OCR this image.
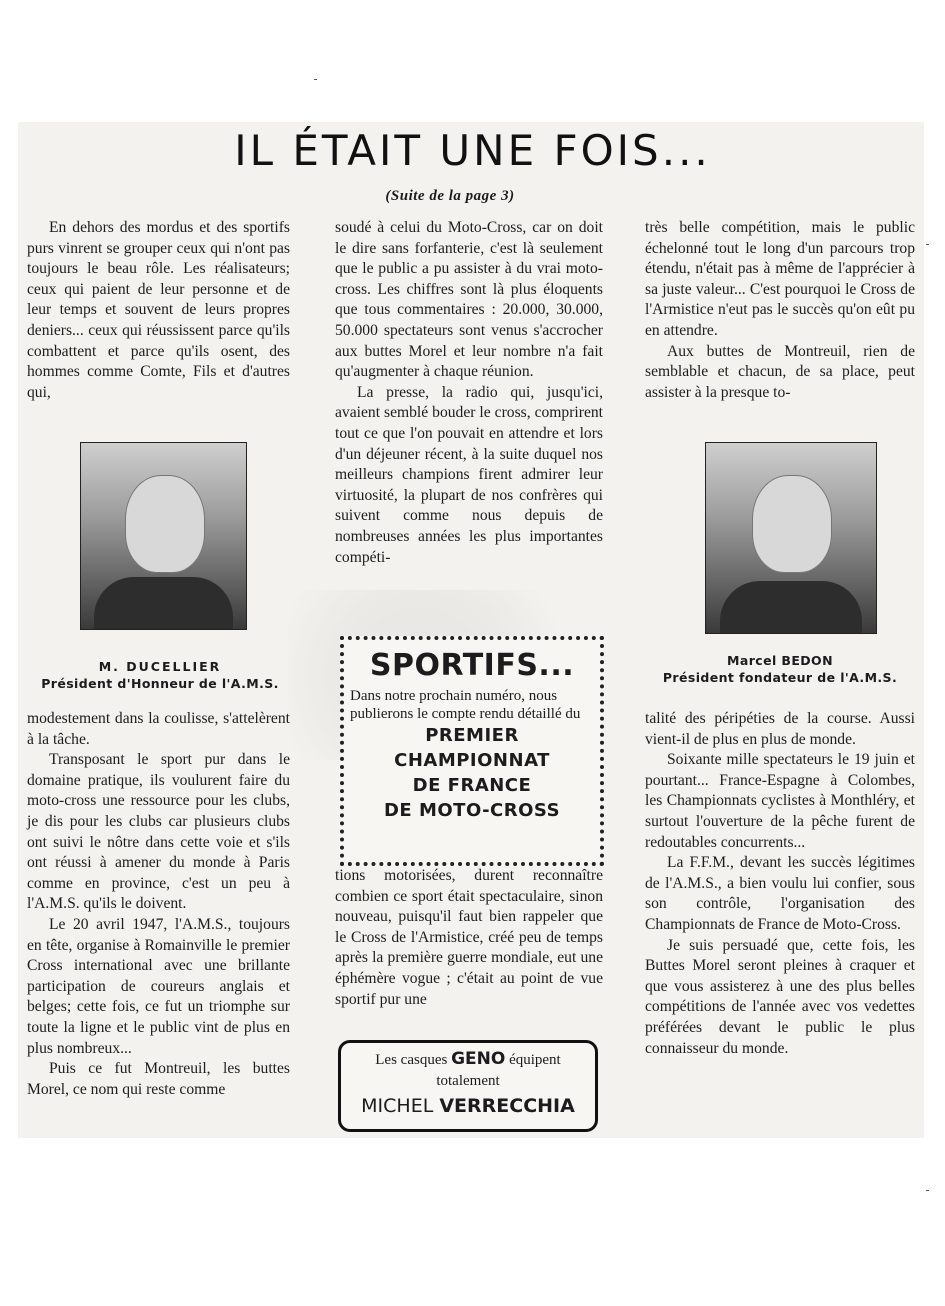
IL ÉTAIT UNE FOIS...
(Suite de la page 3)

En dehors des mordus et des sportifs purs vinrent se grouper ceux qui n'ont pas toujours le beau rôle. Les réalisateurs; ceux qui paient de leur personne et de leur temps et souvent de leurs propres deniers... ceux qui réussissent parce qu'ils combattent et parce qu'ils osent, des hommes comme Comte, Fils et d'autres qui,

M. DUCELLIER
Président d'Honneur de l'A.M.S.

modestement dans la coulisse, s'attelèrent à la tâche.

Transposant le sport pur dans le domaine pratique, ils voulurent faire du moto-cross une ressource pour les clubs, je dis pour les clubs car plusieurs clubs ont suivi le nôtre dans cette voie et s'ils ont réussi à amener du monde à Paris comme en province, c'est un peu à l'A.M.S. qu'ils le doivent.

Le 20 avril 1947, l'A.M.S., toujours en tête, organise à Romainville le premier Cross international avec une brillante participation de coureurs anglais et belges; cette fois, ce fut un triomphe sur toute la ligne et le public vint de plus en plus nombreux...

Puis ce fut Montreuil, les buttes Morel, ce nom qui reste comme

soudé à celui du Moto-Cross, car on doit le dire sans forfanterie, c'est là seulement que le public a pu assister à du vrai moto-cross. Les chiffres sont là plus éloquents que tous commentaires : 20.000, 30.000, 50.000 spectateurs sont venus s'accrocher aux buttes Morel et leur nombre n'a fait qu'augmenter à chaque réunion.

La presse, la radio qui, jusqu'ici, avaient semblé bouder le cross, comprirent tout ce que l'on pouvait en attendre et lors d'un déjeuner récent, à la suite duquel nos meilleurs champions firent admirer leur virtuosité, la plupart de nos confrères qui suivent comme nous depuis de nombreuses années les plus importantes compéti-

SPORTIFS...
Dans notre prochain numéro, nous publierons le compte rendu détaillé du
PREMIER
CHAMPIONNAT
DE FRANCE
DE MOTO-CROSS

tions motorisées, durent reconnaître combien ce sport était spectaculaire, sinon nouveau, puisqu'il faut bien rappeler que le Cross de l'Armistice, créé peu de temps après la première guerre mondiale, eut une éphémère vogue ; c'était au point de vue sportif pur une

Les casques GENO équipent
totalement
MICHEL VERRECCHIA

très belle compétition, mais le public échelonné tout le long d'un parcours trop étendu, n'était pas à même de l'apprécier à sa juste valeur... C'est pourquoi le Cross de l'Armistice n'eut pas le succès qu'on eût pu en attendre.

Aux buttes de Montreuil, rien de semblable et chacun, de sa place, peut assister à la presque to-

Marcel BEDON
Président fondateur de l'A.M.S.

talité des péripéties de la course. Aussi vient-il de plus en plus de monde.

Soixante mille spectateurs le 19 juin et pourtant... France-Espagne à Colombes, les Championnats cyclistes à Monthléry, et surtout l'ouverture de la pêche furent de redoutables concurrents...

La F.F.M., devant les succès légitimes de l'A.M.S., a bien voulu lui confier, sous son contrôle, l'organisation des Championnats de France de Moto-Cross.

Je suis persuadé que, cette fois, les Buttes Morel seront pleines à craquer et que vous assisterez à une des plus belles compétitions de l'année avec vos vedettes préférées devant le public le plus connaisseur du monde.
